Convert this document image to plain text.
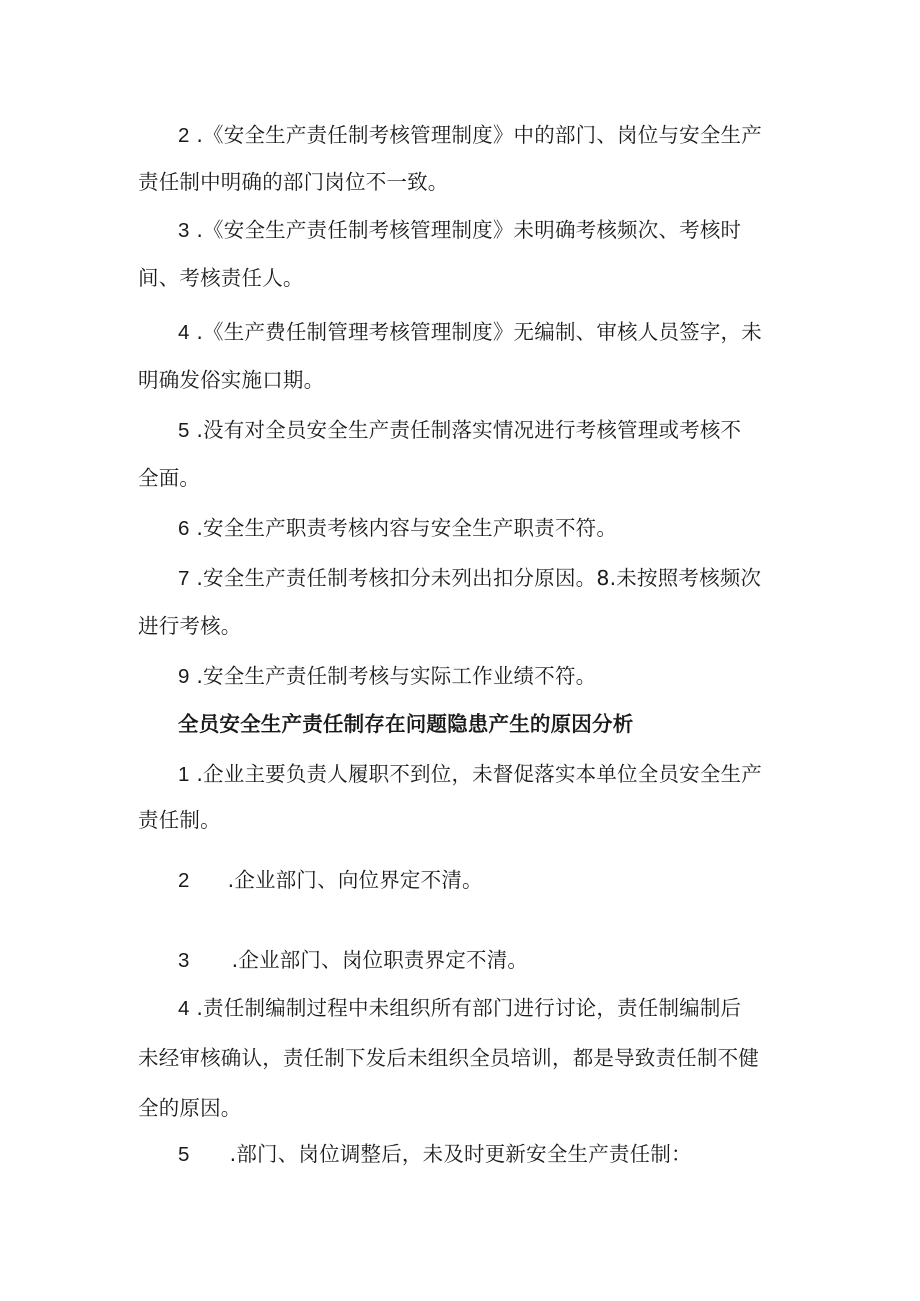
2 .《安全生产责任制考核管理制度》中的部门、岗位与安全生产
责任制中明确的部门岗位不一致。
3 .《安全生产责任制考核管理制度》未明确考核频次、考核时
间、考核责任人。
4 .《生产费任制管理考核管理制度》无编制、审核人员签字，未
明确发俗实施口期。
5 .没有对全员安全生产责任制落实情况进行考核管理或考核不
全面。
6 .安全生产职责考核内容与安全生产职责不符。
7 .安全生产责任制考核扣分未列出扣分原因。8.未按照考核频次
进行考核。
9 .安全生产责任制考核与实际工作业绩不符。
全员安全生产责任制存在问题隐患产生的原因分析
1 .企业主要负责人履职不到位，未督促落实本单位全员安全生产
责任制。
2 .企业部门、向位界定不清。
3 .企业部门、岗位职责界定不清。
4 .责任制编制过程中未组织所有部门进行讨论，责任制编制后
未经审核确认，责任制下发后未组织全员培训，都是导致责任制不健
全的原因。
5 .部门、岗位调整后，未及时更新安全生产责任制：
